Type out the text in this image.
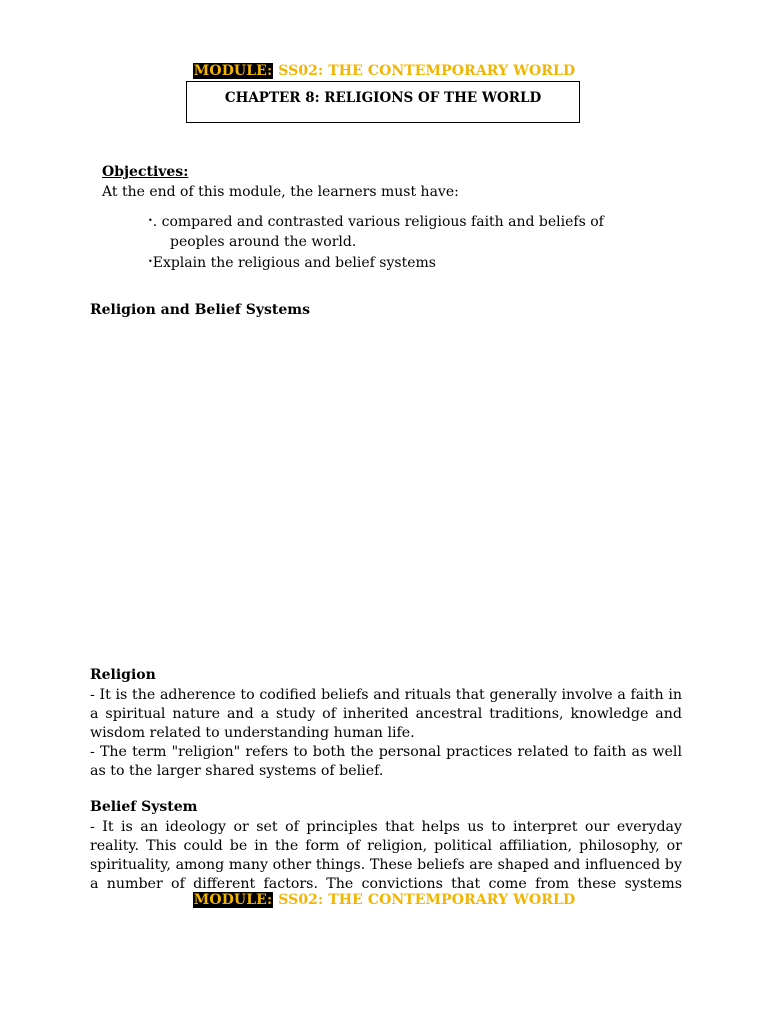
MODULE: SS02: THE CONTEMPORARY WORLD
CHAPTER 8: RELIGIONS OF THE WORLD
Objectives:
At the end of this module, the learners must have:
•. compared and contrasted various religious faith and beliefs of
peoples around the world.
•Explain the religious and belief systems
Religion and Belief Systems
Religion
- It is the adherence to codified beliefs and rituals that generally involve a faith in a spiritual nature and a study of inherited ancestral traditions, knowledge and wisdom related to understanding human life.
- The term "religion" refers to both the personal practices related to faith as well as to the larger shared systems of belief.
Belief System
- It is an ideology or set of principles that helps us to interpret our everyday reality. This could be in the form of religion, political affiliation, philosophy, or spirituality, among many other things. These beliefs are shaped and influenced by a number of different factors. The convictions that come from these systems
MODULE: SS02: THE CONTEMPORARY WORLD
